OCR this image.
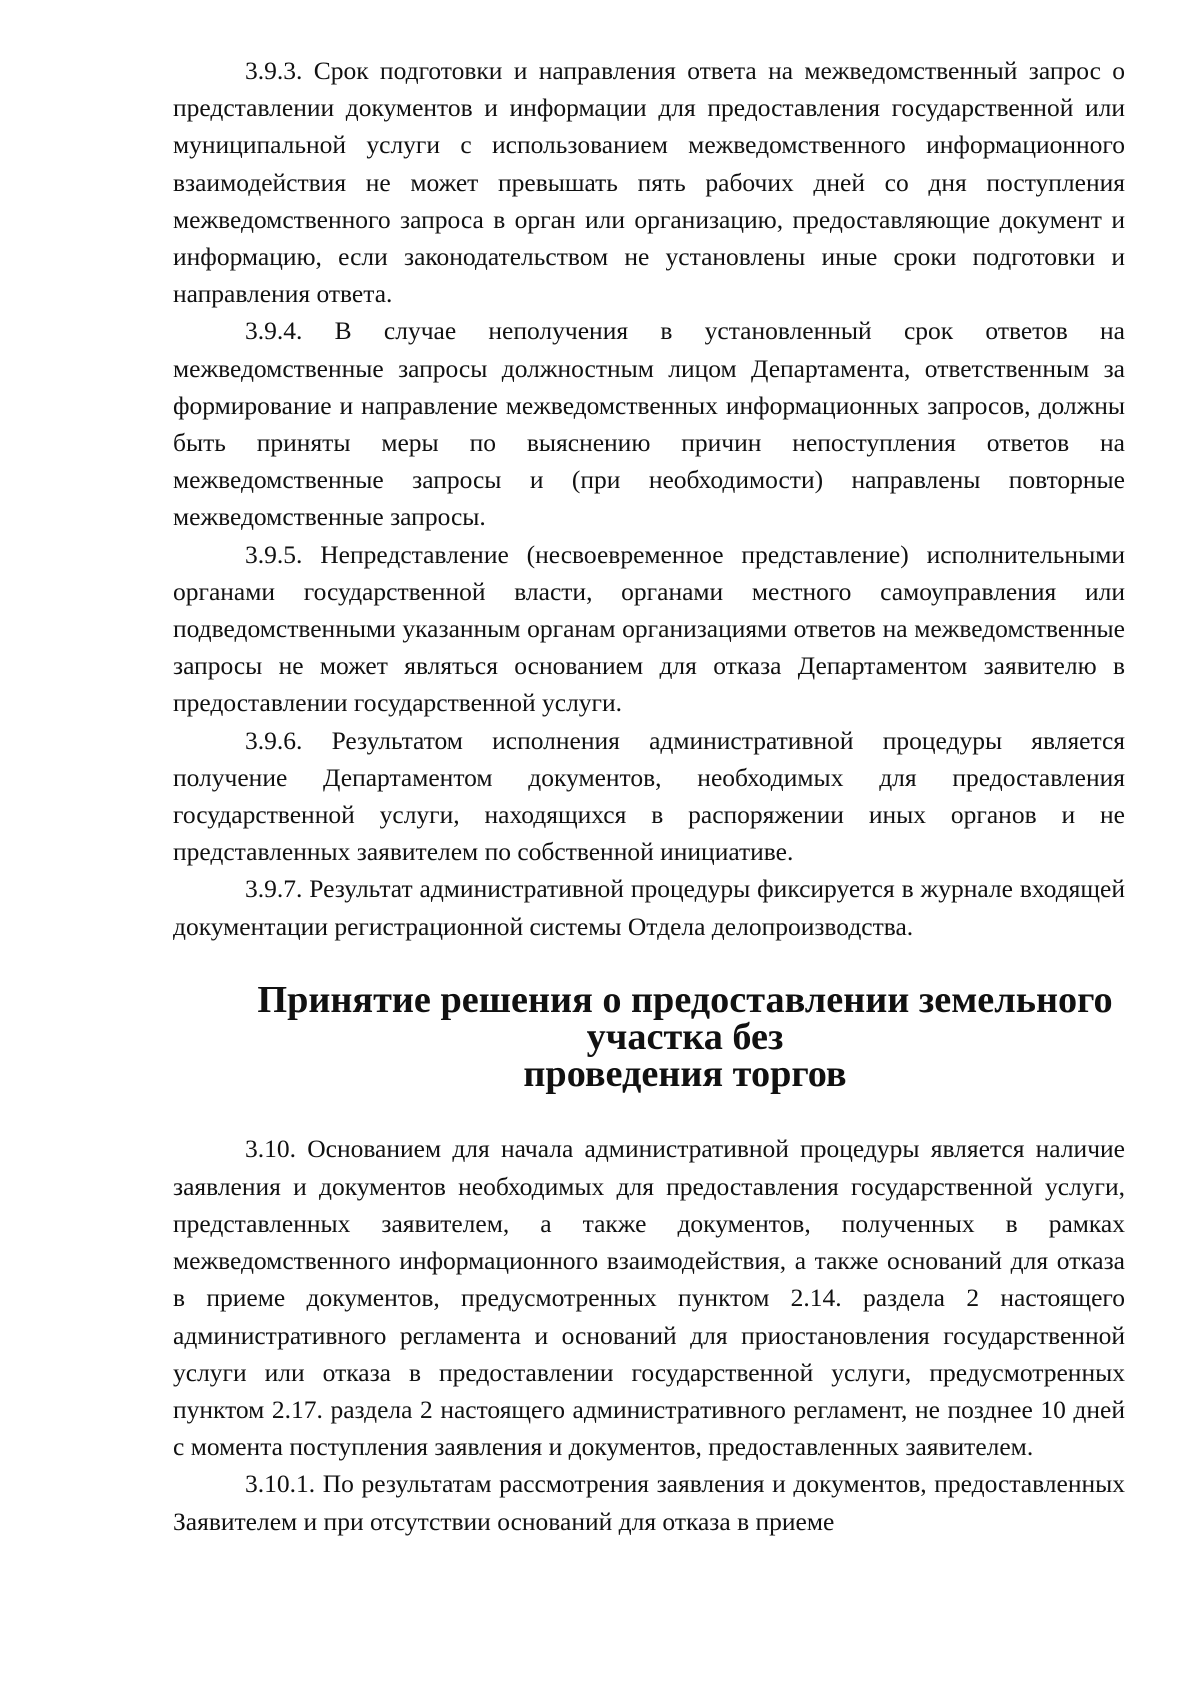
3.9.3. Срок подготовки и направления ответа на межведомственный запрос о представлении документов и информации для предоставления государственной или муниципальной услуги с использованием межведомственного информационного взаимодействия не может превышать пять рабочих дней со дня поступления межведомственного запроса в орган или организацию, предоставляющие документ и информацию, если законодательством не установлены иные сроки подготовки и направления ответа.

3.9.4. В случае неполучения в установленный срок ответов на межведомственные запросы должностным лицом Департамента, ответственным за формирование и направление межведомственных информационных запросов, должны быть приняты меры по выяснению причин непоступления ответов на межведомственные запросы и (при необходимости) направлены повторные межведомственные запросы.

3.9.5. Непредставление (несвоевременное представление) исполнительными органами государственной власти, органами местного самоуправления или подведомственными указанным органам организациями ответов на межведомственные запросы не может являться основанием для отказа Департаментом заявителю в предоставлении государственной услуги.

3.9.6. Результатом исполнения административной процедуры является получение Департаментом документов, необходимых для предоставления государственной услуги, находящихся в распоряжении иных органов и не представленных заявителем по собственной инициативе.

3.9.7. Результат административной процедуры фиксируется в журнале входящей документации регистрационной системы Отдела делопроизводства.

Принятие решения о предоставлении земельного участка без
проведения торгов

3.10. Основанием для начала административной процедуры является наличие заявления и документов необходимых для предоставления государственной услуги, представленных заявителем, а также документов, полученных в рамках межведомственного информационного взаимодействия, а также оснований для отказа в приеме документов, предусмотренных пунктом 2.14. раздела 2 настоящего административного регламента и оснований для приостановления государственной услуги или отказа в предоставлении государственной услуги, предусмотренных пунктом 2.17. раздела 2 настоящего административного регламент, не позднее 10 дней с момента поступления заявления и документов, предоставленных заявителем.

3.10.1. По результатам рассмотрения заявления и документов, предоставленных Заявителем и при отсутствии оснований для отказа в приеме
